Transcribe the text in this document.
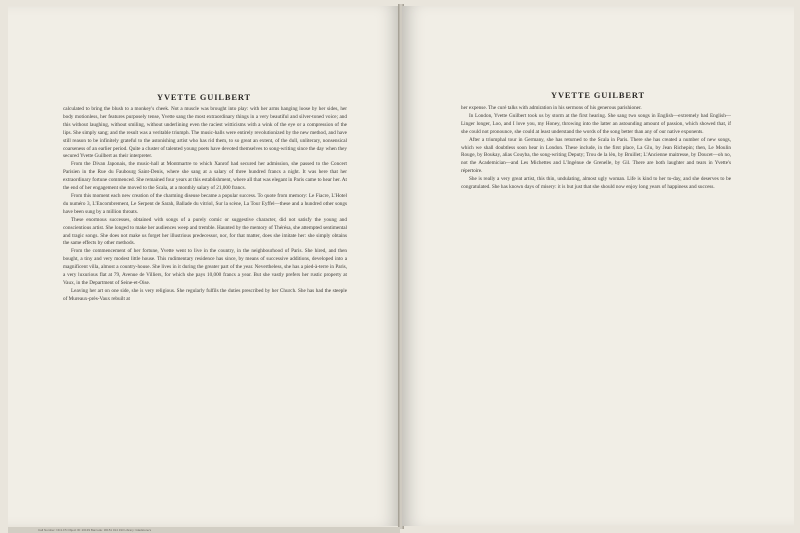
YVETTE GUILBERT

calculated to bring the blush to a monkey's cheek. Not a muscle was brought into play: with her arms hanging loose by her sides, her body motionless, her features purposely tense, Yvette sang the most extraordinary things in a very beautiful and silver-toned voice; and this without laughing, without smiling, without underlining even the raciest witticisms with a wink of the eye or a compression of the lips. She simply sang; and the result was a veritable triumph. The music-halls were entirely revolutionized by the new method, and have still reason to be infinitely grateful to the astonishing artist who has rid them, to so great an extent, of the dull, unliterary, nonsensical coarseness of an earlier period. Quite a cluster of talented young poets have devoted themselves to song-writing since the day when they secured Yvette Guilbert as their interpreter.

From the Divan Japonais, the music-hall at Montmartre to which Xanrof had secured her admission, she passed to the Concert Parisien in the Rue du Faubourg Saint-Denis, where she sang at a salary of three hundred francs a night. It was here that her extraordinary fortune commenced. She remained four years at this establishment, where all that was elegant in Paris came to hear her. At the end of her engagement she moved to the Scala, at a monthly salary of 21,000 francs.

From this moment each new creation of the charming diseuse became a popular success. To quote from memory: Le Fiacre, L'Hotel du numéro 3, L'Encombrement, Le Serpent de Sarah, Ballade du vitriol, Sur la scène, La Tour Eyffel—these and a hundred other songs have been sung by a million throats.

These enormous successes, obtained with songs of a purely comic or suggestive character, did not satisfy the young and conscientious artist. She longed to make her audiences weep and tremble. Haunted by the memory of Thérésa, she attempted sentimental and tragic songs. She does not make us forget her illustrious predecessor, nor, for that matter, does she imitate her: she simply obtains the same effects by other methods.

From the commencement of her fortune, Yvette went to live in the country, in the neighbourhood of Paris. She hired, and then bought, a tiny and very modest little house. This rudimentary residence has since, by means of successive additions, developed into a magnificent villa, almost a country-house. She lives in it during the greater part of the year. Nevertheless, she has a pied-à-terre in Paris, a very luxurious flat at 79, Avenue de Villiers, for which she pays 10,000 francs a year. But she vastly prefers her rustic property at Vaux, in the Department of Seine-et-Oise.

Leaving her art on one side, she is very religious. She regularly fulfils the duties prescribed by her Church. She has had the steeple of Mureaux-près-Vaux rebuilt at

YVETTE GUILBERT

her expense. The curé talks with admiration in his sermons of his generous parishioner.

In London, Yvette Guilbert took us by storm at the first hearing. She sang two songs in English—extremely bad English—Linger longer, Loo, and I love you, my Honey, throwing into the latter an astounding amount of passion, which showed that, if she could not pronounce, she could at least understand the words of the song better than any of our native exponents.

After a triumphal tour in Germany, she has returned to the Scala in Paris. There she has created a number of new songs, which we shall doubtless soon hear in London. These include, in the first place, La Glu, by Jean Richepin; then, Le Moulin Rouge, by Boukay, alias Couyba, the song-writing Deputy; Trou de la lèn, by Bruillet; L'Ancienne maitresse, by Doucet—oh no, not the Academician—and Les Michettes and L'Ingénue de Grenelle, by Gil. There are both laughter and tears in Yvette's répertoire.

She is really a very great artist, this thin, undulating, almost ugly woman. Life is kind to her to-day, and she deserves to be congratulated. She has known days of misery: it is but just that she should now enjoy long years of happiness and success.

Call Number: NC1.F5 Object ID: 20139 Barcode: 36151 014 193 Library: Gladstone's
